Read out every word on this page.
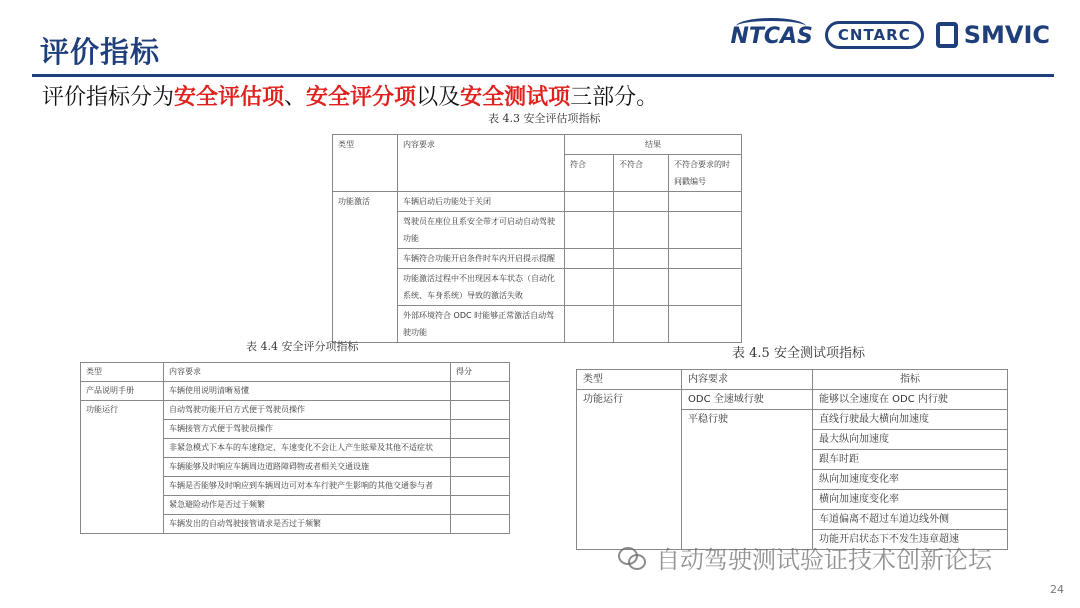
评价指标	NTCAS	CNTARC	SMVIC
评价指标分为安全评估项、安全评分项以及安全测试项三部分。
表 4.3 安全评估项指标
类型	内容要求	结果		
		符合	不符合	不符合要求的时间戳编号
功能激活	车辆启动后功能处于关闭			
	驾驶员在座位且系安全带才可启动自动驾驶功能			
	车辆符合功能开启条件时车内开启提示提醒			
	功能激活过程中不出现因本车状态（自动化系统、车身系统）导致的激活失败			
	外部环境符合 ODC 时能够正常激活自动驾驶功能			
表 4.4 安全评分项指标
类型	内容要求	得分
产品说明手册	车辆使用说明清晰易懂	
功能运行	自动驾驶功能开启方式便于驾驶员操作	
	车辆接管方式便于驾驶员操作	
	非紧急模式下本车的车速稳定、车速变化不会让人产生眩晕及其他不适症状	
	车辆能够及时响应车辆周边道路障碍物或者相关交通设施	
	车辆是否能够及时响应到车辆周边可对本车行驶产生影响的其他交通参与者	
	紧急避险动作是否过于频繁	
	车辆发出的自动驾驶接管请求是否过于频繁	
表 4.5 安全测试项指标
类型	内容要求	指标
功能运行	ODC 全速域行驶	能够以全速度在 ODC 内行驶
	平稳行驶	直线行驶最大横向加速度
		最大纵向加速度
		跟车时距
		纵向加速度变化率
		横向加速度变化率
		车道偏离不超过车道边线外侧
		功能开启状态下不发生违章超速
自动驾驶测试验证技术创新论坛
24
